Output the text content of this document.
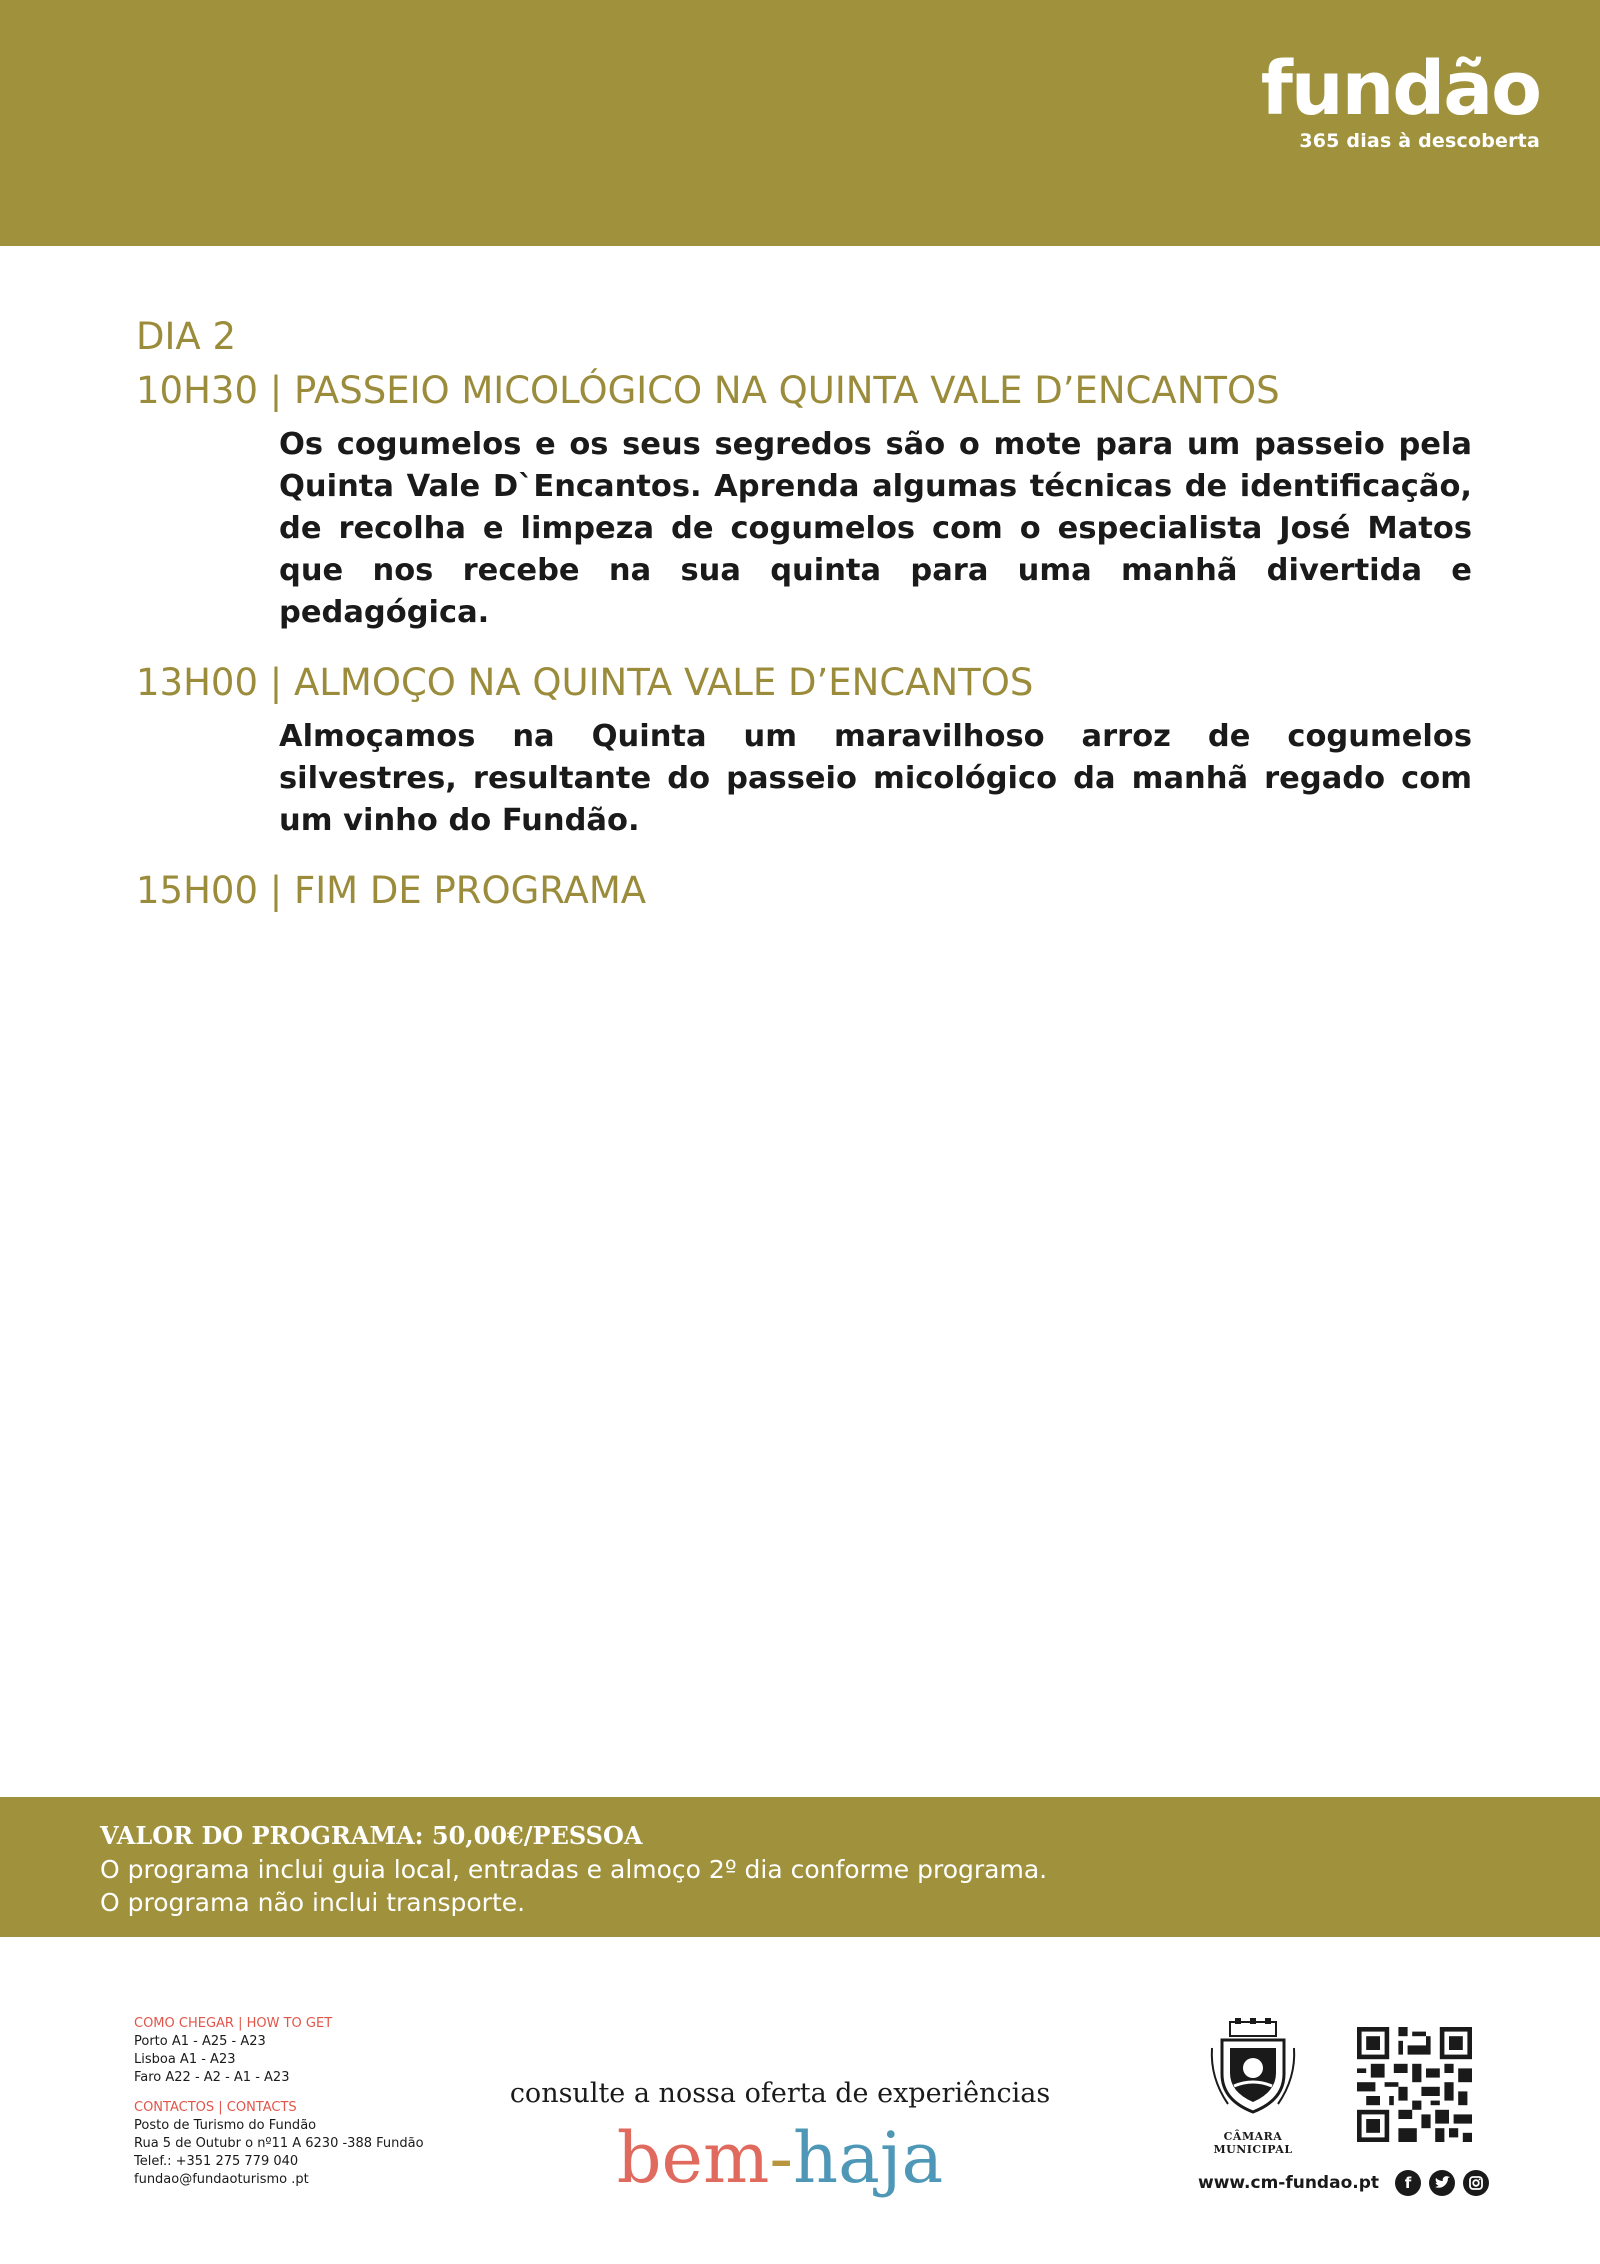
fundão
365 dias à descoberta
DIA 2
10H30 | PASSEIO MICOLÓGICO NA QUINTA VALE D’ENCANTOS

Os cogumelos e os seus segredos são o mote para um passeio pela Quinta Vale D`Encantos. Aprenda algumas técnicas de identificação, de recolha e limpeza de cogumelos com o especialista José Matos que nos recebe na sua quinta para uma manhã divertida e pedagógica.

13H00 | ALMOÇO NA QUINTA VALE D’ENCANTOS

Almoçamos na Quinta um maravilhoso arroz de cogumelos silvestres, resultante do passeio micológico da manhã regado com um vinho do Fundão.

15H00 | FIM DE PROGRAMA
VALOR DO PROGRAMA: 50,00€/PESSOA
O programa inclui guia local, entradas e almoço 2º dia conforme programa.
O programa não inclui transporte.
COMO CHEGAR | HOW TO GET
Porto A1 - A25 - A23
Lisboa A1 - A23
Faro A22 - A2 - A1 - A23
CONTACTOS | CONTACTS
Posto de Turismo do Fundão
Rua 5 de Outubr o nº11 A 6230 -388 Fundão
Telef.: +351 275 779 040
fundao@fundaoturismo .pt
consulte a nossa oferta de experiências
bem-haja	CÂMARA MUNICIPAL
www.cm-fundao.pt	f
